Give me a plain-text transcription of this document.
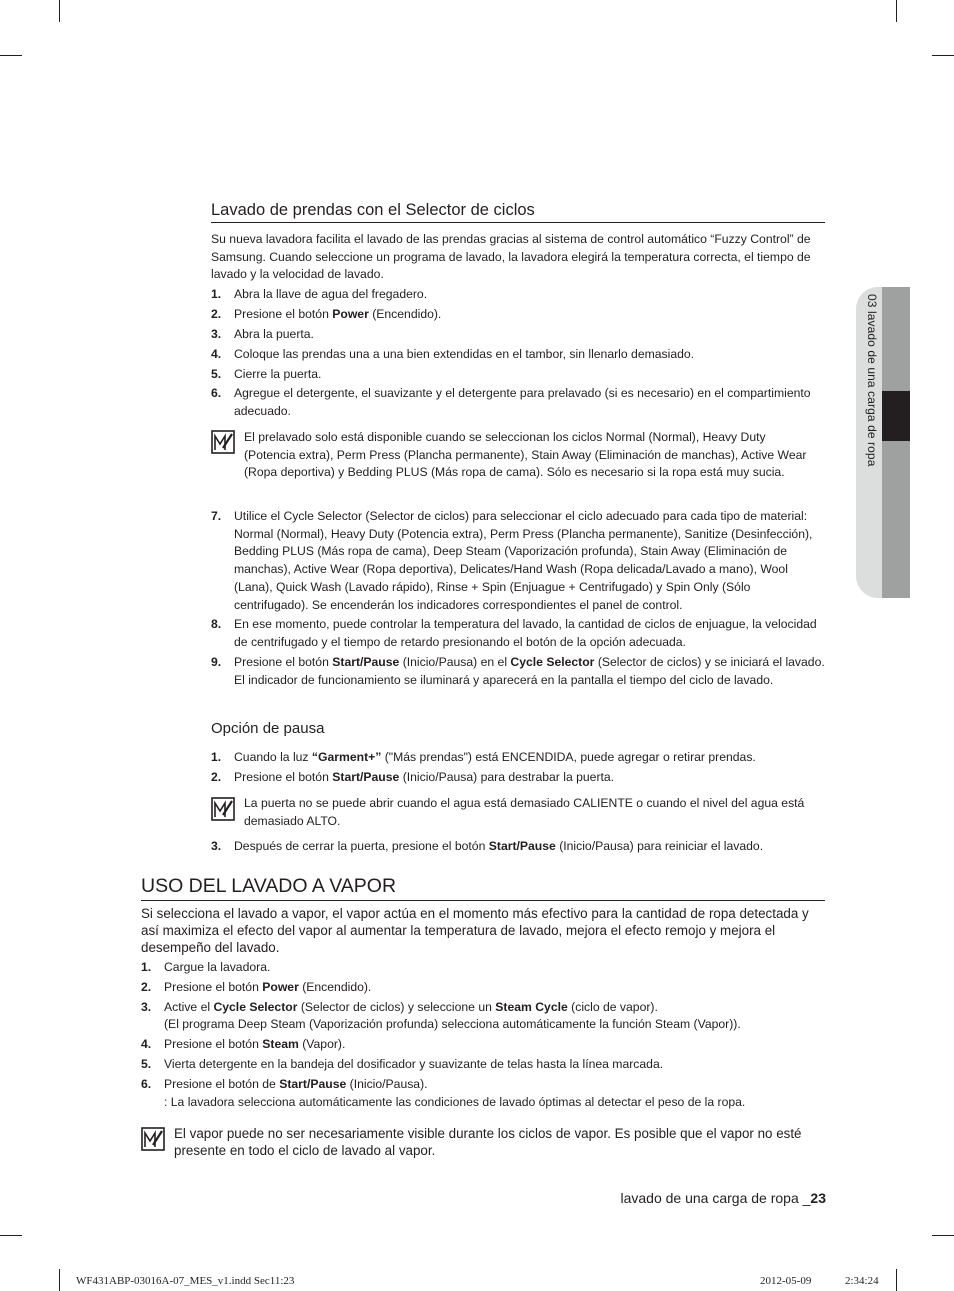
03 lavado de una carga de ropa
Lavado de prendas con el Selector de ciclos
Su nueva lavadora facilita el lavado de las prendas gracias al sistema de control automático “Fuzzy Control” de Samsung. Cuando seleccione un programa de lavado, la lavadora elegirá la temperatura correcta, el tiempo de lavado y la velocidad de lavado.
1. Abra la llave de agua del fregadero.
2. Presione el botón Power (Encendido).
3. Abra la puerta.
4. Coloque las prendas una a una bien extendidas en el tambor, sin llenarlo demasiado.
5. Cierre la puerta.
6. Agregue el detergente, el suavizante y el detergente para prelavado (si es necesario) en el compartimiento adecuado.
El prelavado solo está disponible cuando se seleccionan los ciclos Normal (Normal), Heavy Duty (Potencia extra), Perm Press (Plancha permanente), Stain Away (Eliminación de manchas), Active Wear (Ropa deportiva) y Bedding PLUS (Más ropa de cama). Sólo es necesario si la ropa está muy sucia.
7. Utilice el Cycle Selector (Selector de ciclos) para seleccionar el ciclo adecuado para cada tipo de material: Normal (Normal), Heavy Duty (Potencia extra), Perm Press (Plancha permanente), Sanitize (Desinfección), Bedding PLUS (Más ropa de cama), Deep Steam (Vaporización profunda), Stain Away (Eliminación de manchas), Active Wear (Ropa deportiva), Delicates/Hand Wash (Ropa delicada/Lavado a mano), Wool (Lana), Quick Wash (Lavado rápido), Rinse + Spin (Enjuague + Centrifugado) y Spin Only (Sólo centrifugado). Se encenderán los indicadores correspondientes el panel de control.
8. En ese momento, puede controlar la temperatura del lavado, la cantidad de ciclos de enjuague, la velocidad de centrifugado y el tiempo de retardo presionando el botón de la opción adecuada.
9. Presione el botón Start/Pause (Inicio/Pausa) en el Cycle Selector (Selector de ciclos) y se iniciará el lavado. El indicador de funcionamiento se iluminará y aparecerá en la pantalla el tiempo del ciclo de lavado.
Opción de pausa
1. Cuando la luz “Garment+” ("Más prendas") está ENCENDIDA, puede agregar o retirar prendas.
2. Presione el botón Start/Pause (Inicio/Pausa) para destrabar la puerta.
La puerta no se puede abrir cuando el agua está demasiado CALIENTE o cuando el nivel del agua está demasiado ALTO.
3. Después de cerrar la puerta, presione el botón Start/Pause (Inicio/Pausa) para reiniciar el lavado.
USO DEL LAVADO A VAPOR
Si selecciona el lavado a vapor, el vapor actúa en el momento más efectivo para la cantidad de ropa detectada y así maximiza el efecto del vapor al aumentar la temperatura de lavado, mejora el efecto remojo y mejora el desempeño del lavado.
1. Cargue la lavadora.
2. Presione el botón Power (Encendido).
3. Active el Cycle Selector (Selector de ciclos) y seleccione un Steam Cycle (ciclo de vapor).
(El programa Deep Steam (Vaporización profunda) selecciona automáticamente la función Steam (Vapor)).
4. Presione el botón Steam (Vapor).
5. Vierta detergente en la bandeja del dosificador y suavizante de telas hasta la línea marcada.
6. Presione el botón de Start/Pause (Inicio/Pausa).
: La lavadora selecciona automáticamente las condiciones de lavado óptimas al detectar el peso de la ropa.
El vapor puede no ser necesariamente visible durante los ciclos de vapor. Es posible que el vapor no esté presente en todo el ciclo de lavado al vapor.
lavado de una carga de ropa _23
WF431ABP-03016A-07_MES_v1.indd Sec11:23	2012-05-09	2:34:24
